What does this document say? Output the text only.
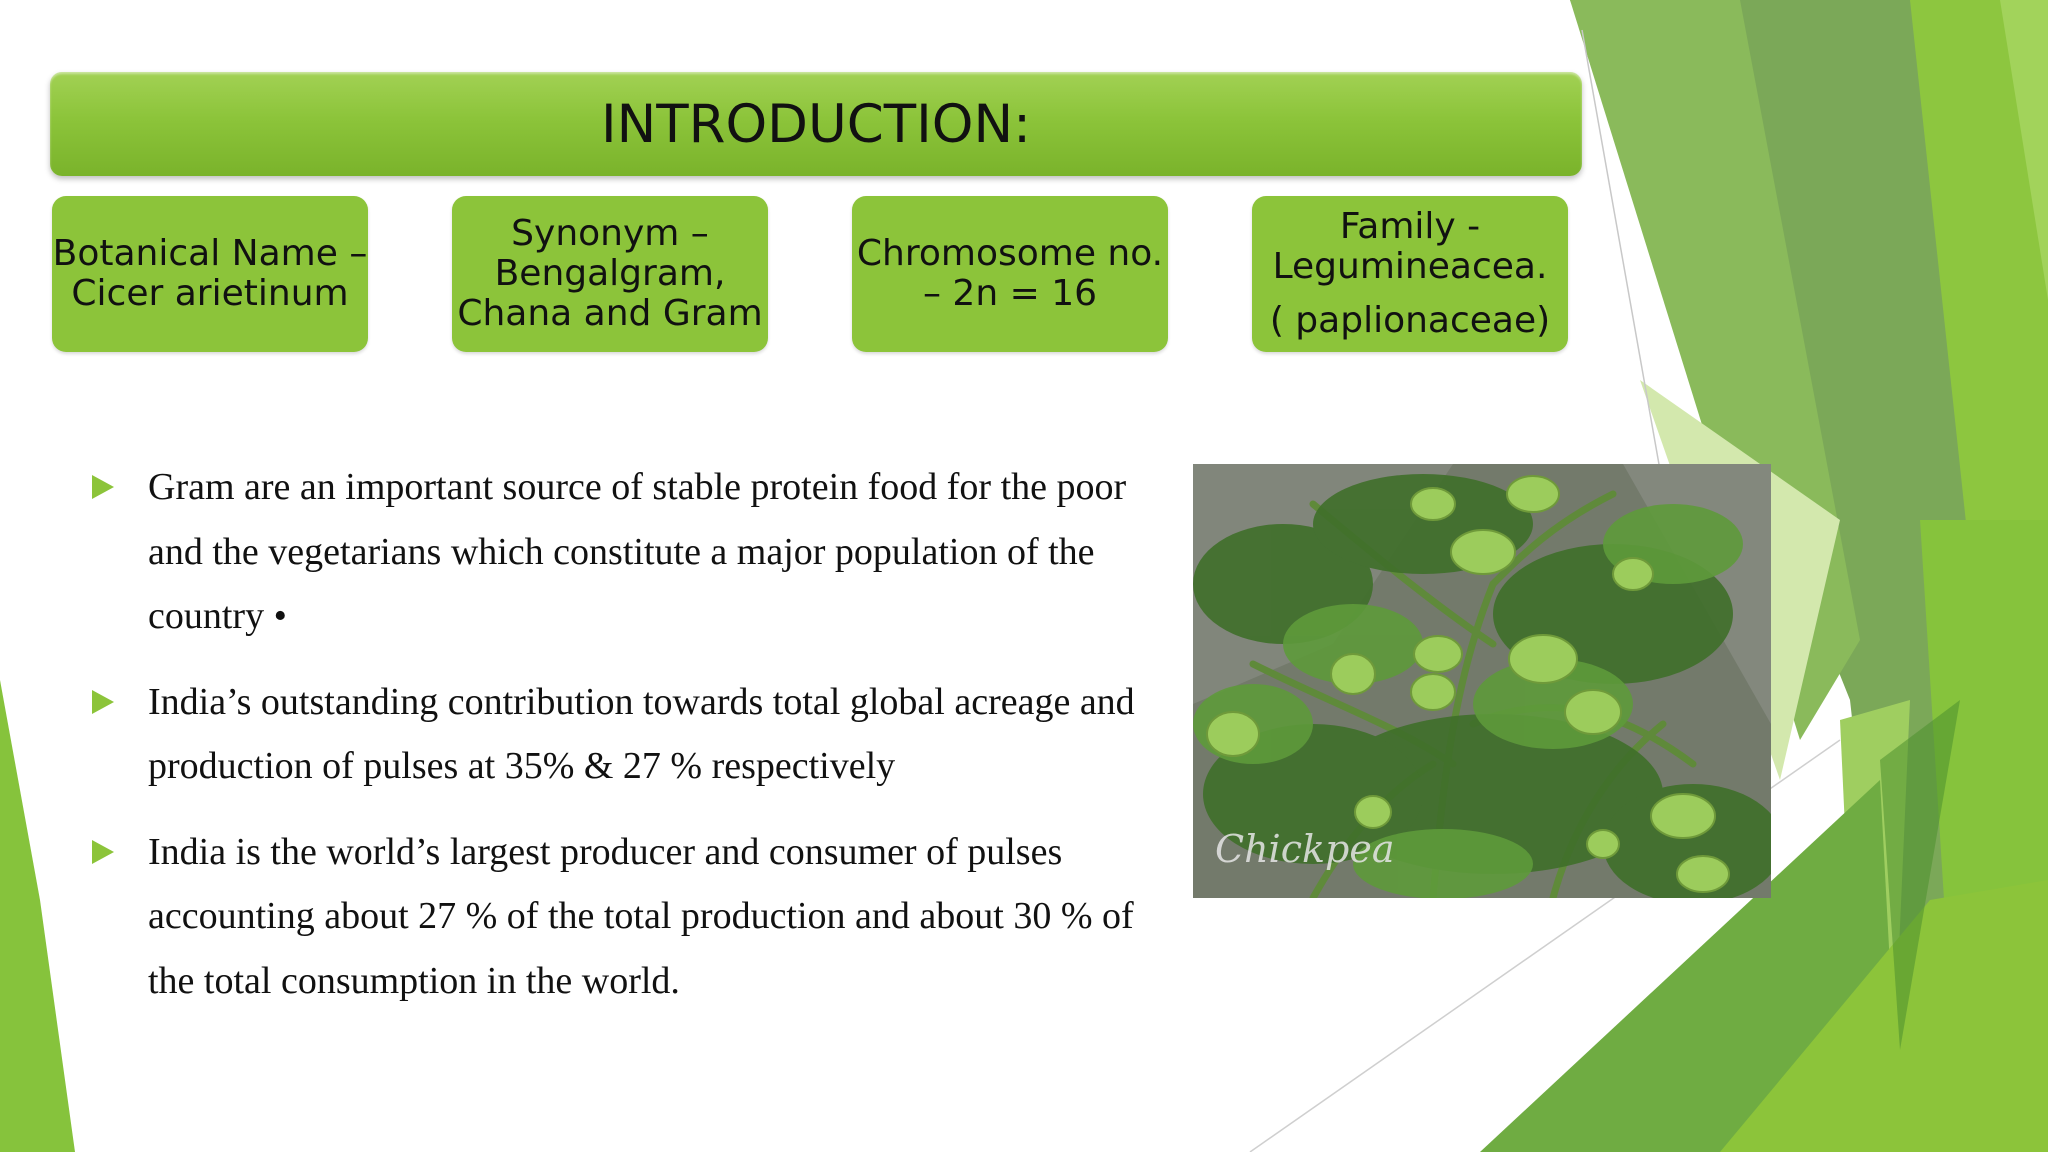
INTRODUCTION:
Botanical Name –
Cicer arietinum
Synonym –
Bengalgram,
Chana and Gram
Chromosome no.
– 2n = 16
Family -
Legumineacea.
( paplionaceae)
Gram are an important source of stable protein food for the poor and the vegetarians which constitute a major population of the country •
India’s outstanding contribution towards total global acreage and production of pulses at 35% & 27 % respectively
India is the world’s largest producer and consumer of pulses accounting about 27 % of the total production and about 30 % of the total consumption in the world.
Chickpea
